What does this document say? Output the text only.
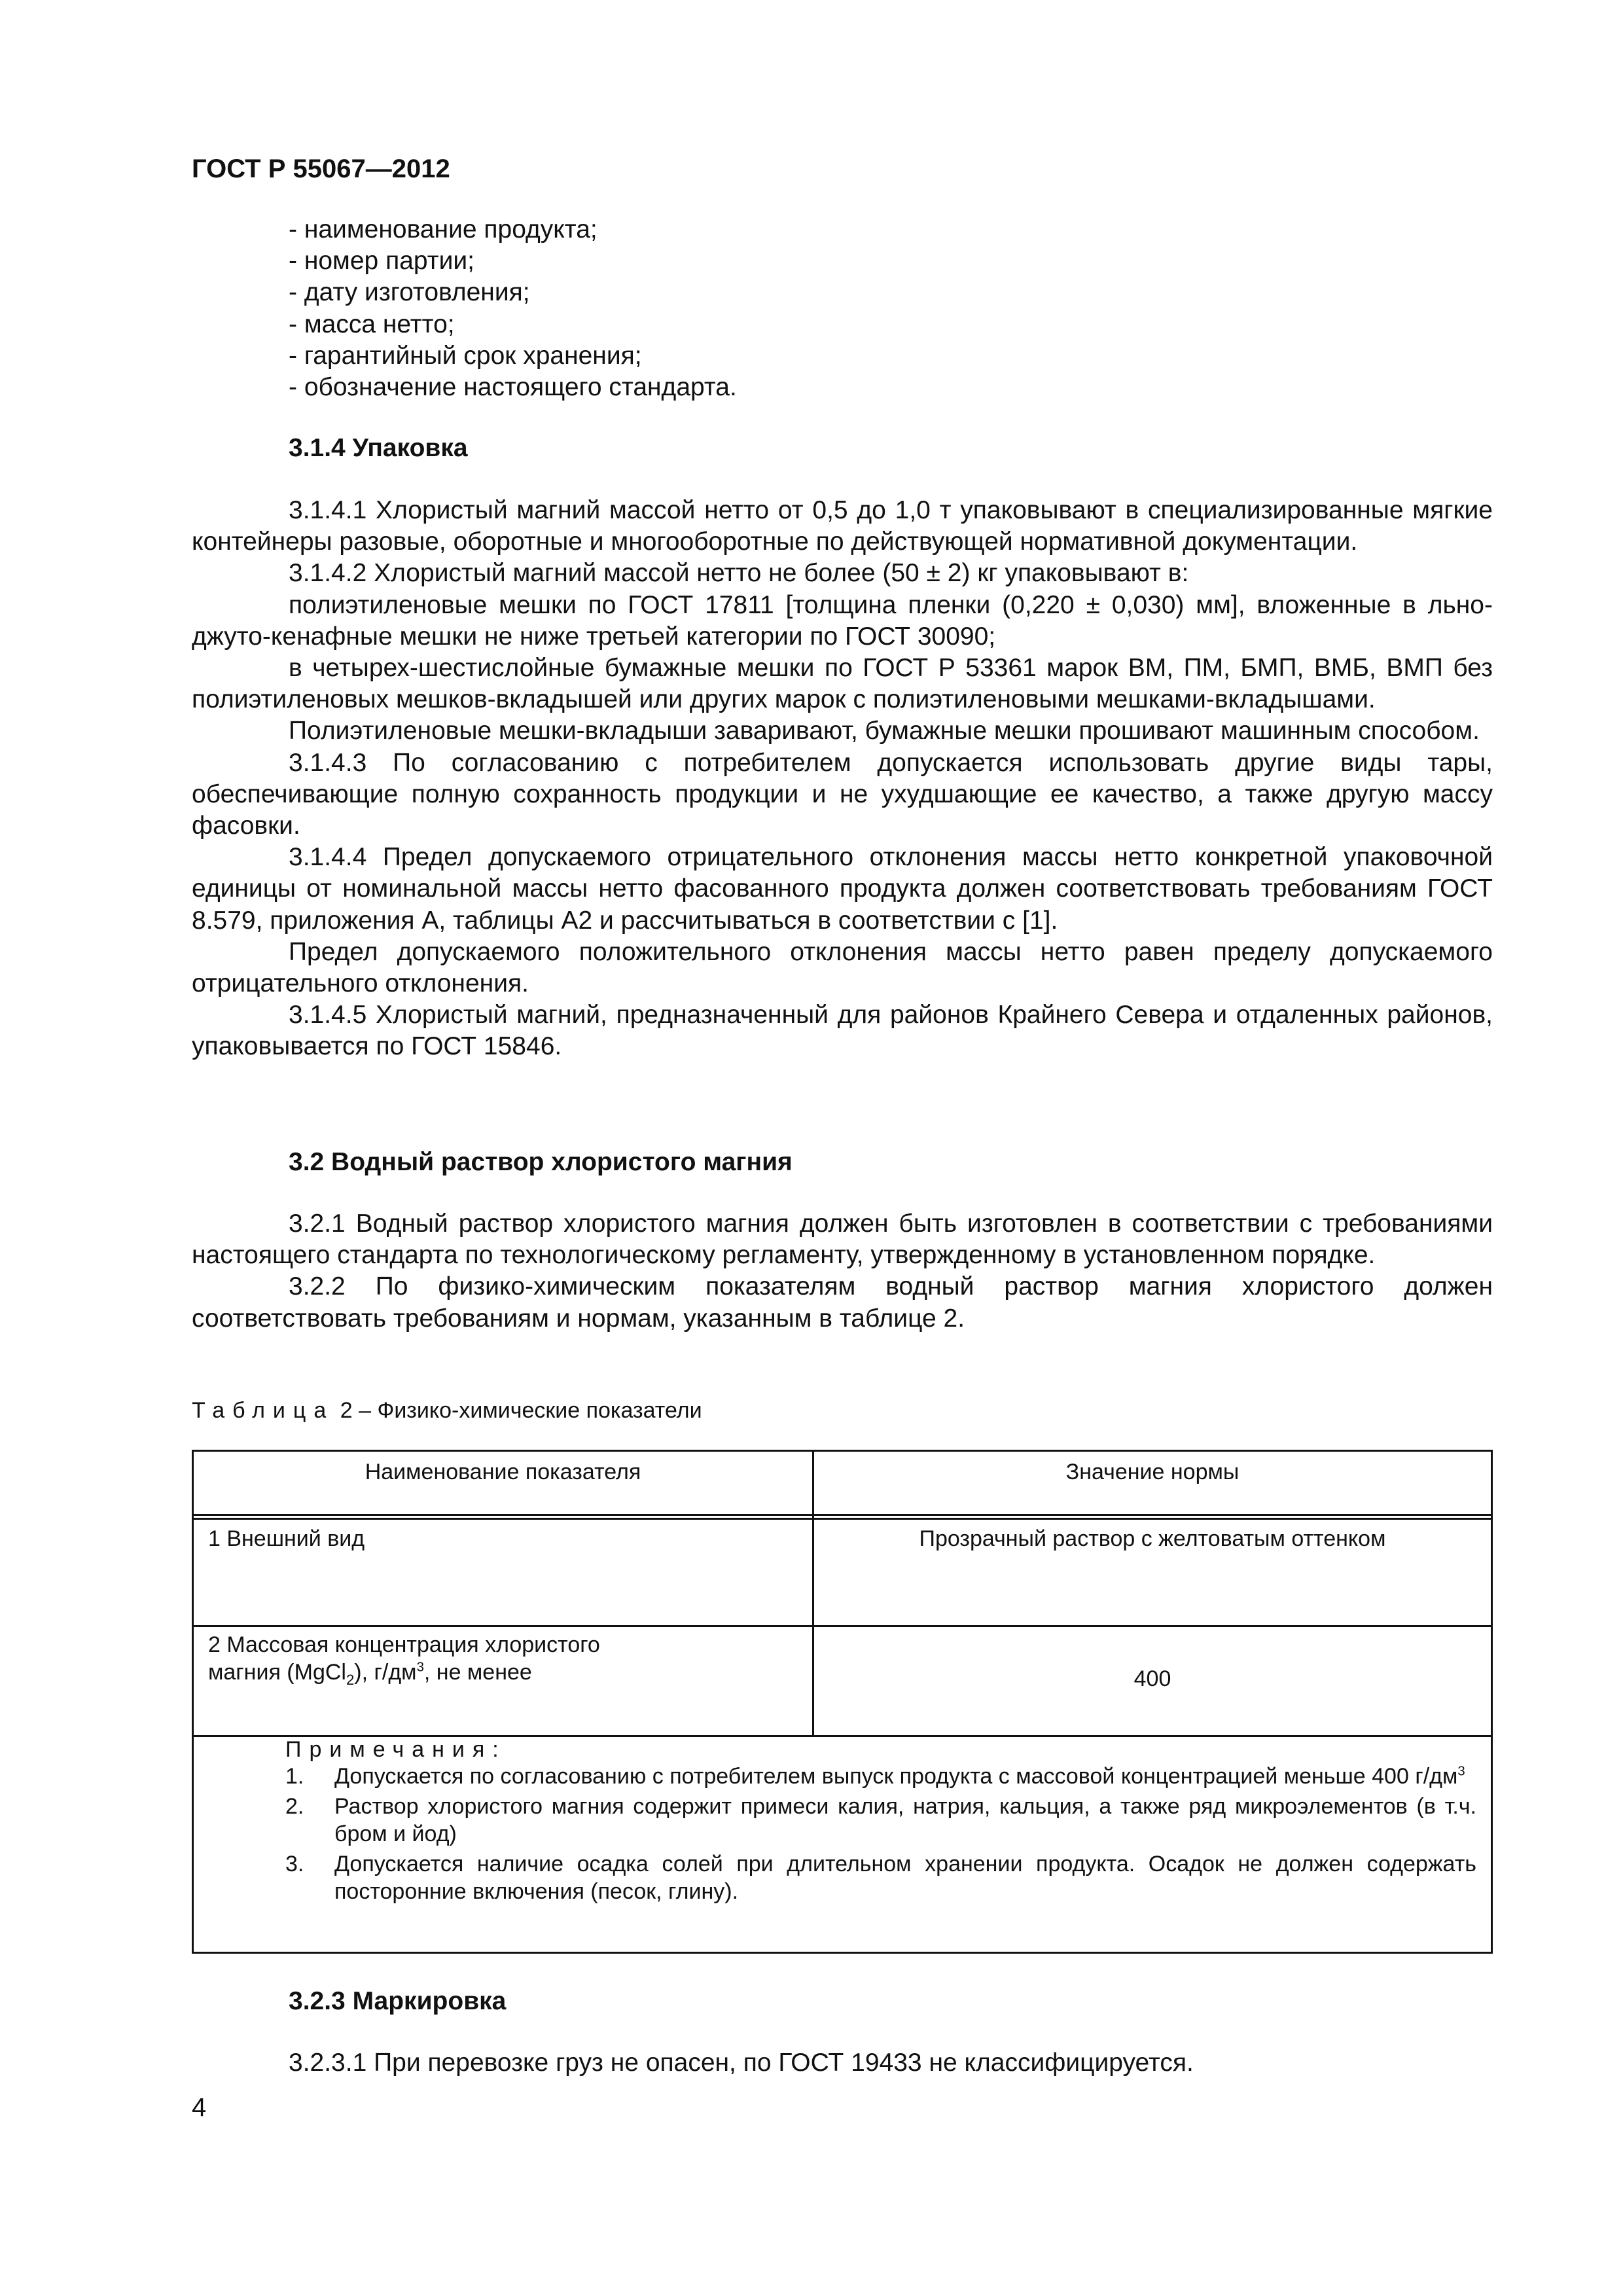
ГОСТ Р 55067—2012
- наименование продукта;
- номер партии;
- дату изготовления;
- масса нетто;
- гарантийный срок хранения;
- обозначение настоящего стандарта.
3.1.4 Упаковка

3.1.4.1 Хлористый магний массой нетто от 0,5 до 1,0 т упаковывают в специализированные мягкие контейнеры разовые, оборотные и многооборотные по действующей нормативной документации.

3.1.4.2 Хлористый магний массой нетто не более (50 ± 2) кг упаковывают в:

полиэтиленовые мешки по ГОСТ 17811 [толщина пленки (0,220 ± 0,030) мм], вложенные в льно-джуто-кенафные мешки не ниже третьей категории по ГОСТ 30090;

в четырех-шестислойные бумажные мешки по ГОСТ Р 53361 марок ВМ, ПМ, БМП, ВМБ, ВМП без полиэтиленовых мешков-вкладышей или других марок с полиэтиленовыми мешками-вкладышами.

Полиэтиленовые мешки-вкладыши заваривают, бумажные мешки прошивают машинным способом.

3.1.4.3 По согласованию с потребителем допускается использовать другие виды тары, обеспечивающие полную сохранность продукции и не ухудшающие ее качество, а также другую массу фасовки.

3.1.4.4 Предел допускаемого отрицательного отклонения массы нетто конкретной упаковочной единицы от номинальной массы нетто фасованного продукта должен соответствовать требованиям ГОСТ 8.579, приложения А, таблицы А2 и рассчитываться в соответствии с [1].

Предел допускаемого положительного отклонения массы нетто равен пределу допускаемого отрицательного отклонения.

3.1.4.5 Хлористый магний, предназначенный для районов Крайнего Севера и отдаленных районов, упаковывается по ГОСТ 15846.

3.2 Водный раствор хлористого магния

3.2.1 Водный раствор хлористого магния должен быть изготовлен в соответствии с требованиями настоящего стандарта по технологическому регламенту, утвержденному в установленном порядке.

3.2.2 По физико-химическим показателям водный раствор магния хлористого должен соответствовать требованиям и нормам, указанным в таблице 2.

Таблица 2 – Физико-химические показатели
Наименование показателя	Значение нормы
1 Внешний вид	Прозрачный раствор с желтоватым оттенком
2 Массовая концентрация хлористого
магния (MgCl$_2$), $г/дм^3$, не менее	400
Примечания:
1. Допускается по согласованию с потребителем выпуск продукта с массовой концентрацией меньше 400 $г/дм^3$
2. Раствор хлористого магния содержит примеси калия, натрия, кальция, а также ряд микроэлементов (в т.ч. бром и йод)
3. Допускается наличие осадка солей при длительном хранении продукта. Осадок не должен содержать посторонние включения (песок, глину).
3.2.3 Маркировка

3.2.3.1 При перевозке груз не опасен, по ГОСТ 19433 не классифицируется.

4
